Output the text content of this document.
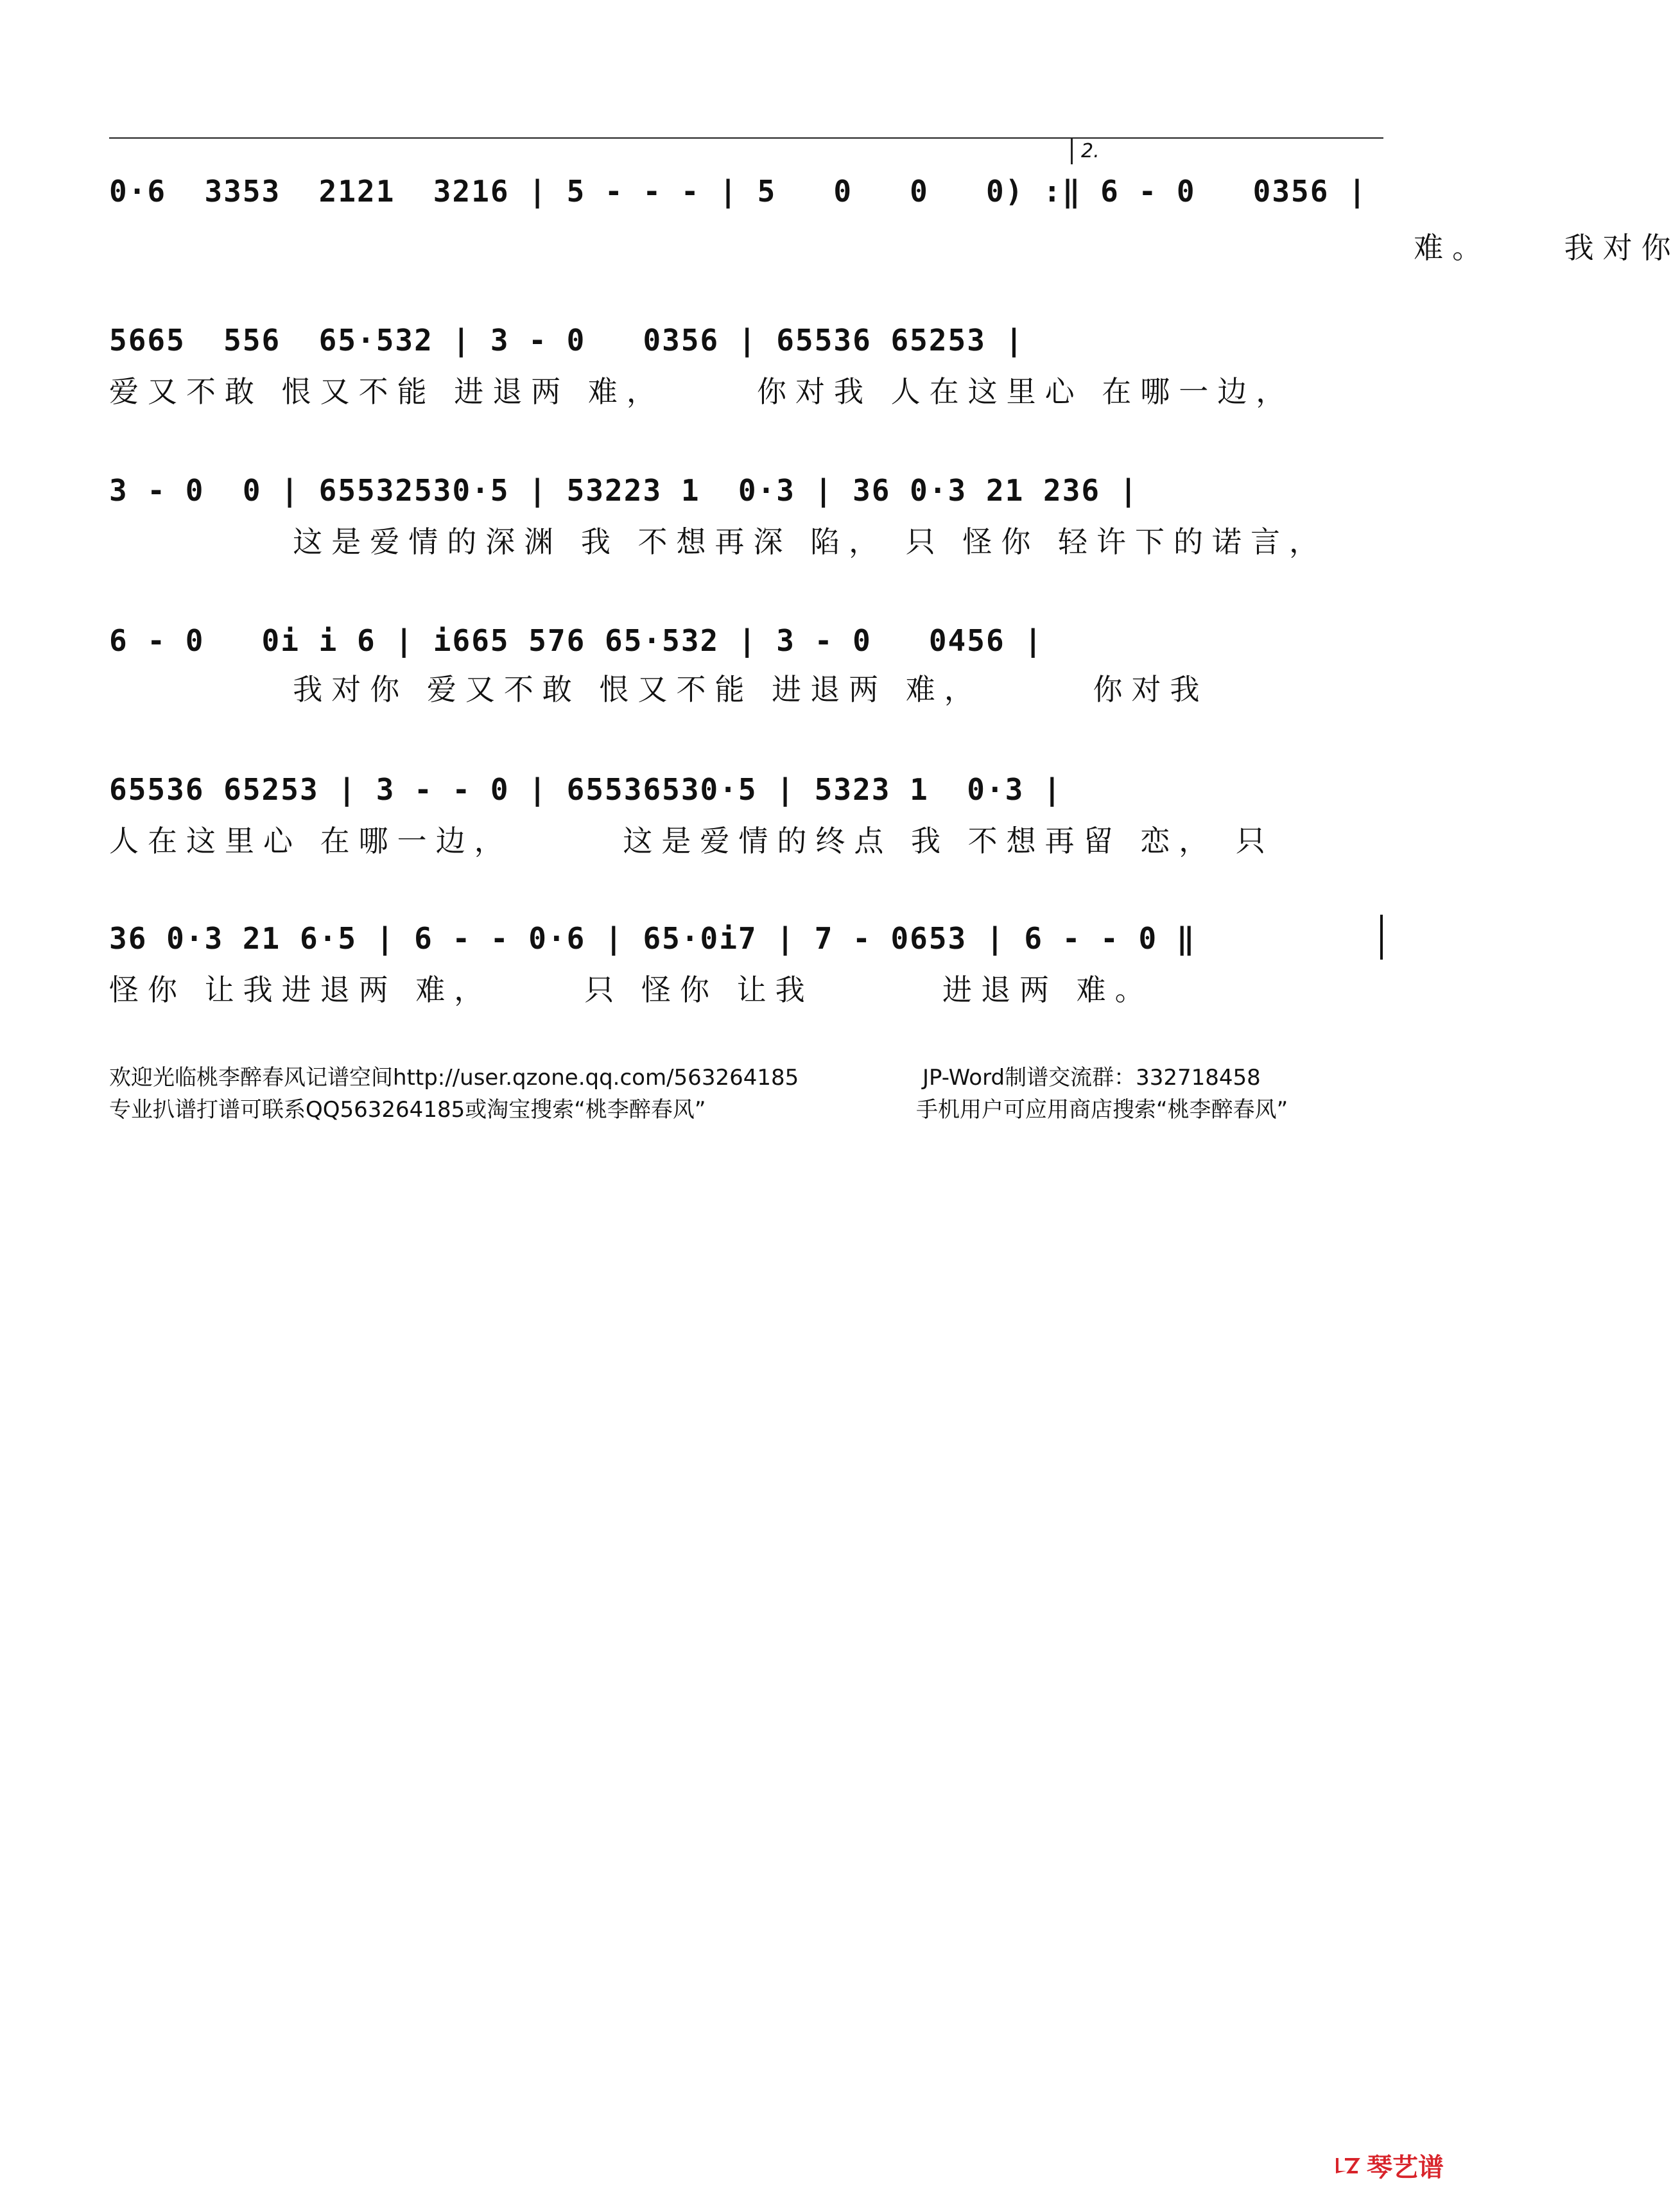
2.
0·6  3353  2121  3216 | 5 - - - | 5   0   0   0) :‖ 6 - 0   0356 |
难。    我对你
5665  556  65·532 | 3 - 0   0356 | 65536 65253 |
爱又不敢 恨又不能 进退两 难，     你对我 人在这里心 在哪一边，
3 - 0  0 | 65532530·5 | 53223 1  0·3 | 36 0·3 21 236 |
这是爱情的深渊 我 不想再深 陷， 只 怪你 轻许下的诺言，
6 - 0   0i i 6 | i665 576 65·532 | 3 - 0   0456 |
我对你 爱又不敢 恨又不能 进退两 难，      你对我
65536 65253 | 3 - - 0 | 65536530·5 | 5323 1  0·3 |
人在这里心 在哪一边，      这是爱情的终点 我 不想再留 恋， 只
36 0·3 21 6·5 | 6 - - 0·6 | 65·0i7 | 7 - 0653 | 6 - - 0 ‖
怪你 让我进退两 难，     只 怪你 让我       进退两 难。
欢迎光临桃李醉春风记谱空间http://user.qzone.qq.com/563264185	JP-Word制谱交流群：332718458
专业扒谱打谱可联系QQ563264185或淘宝搜索“桃李醉春风”	手机用户可应用商店搜索“桃李醉春风”
琴艺谱
